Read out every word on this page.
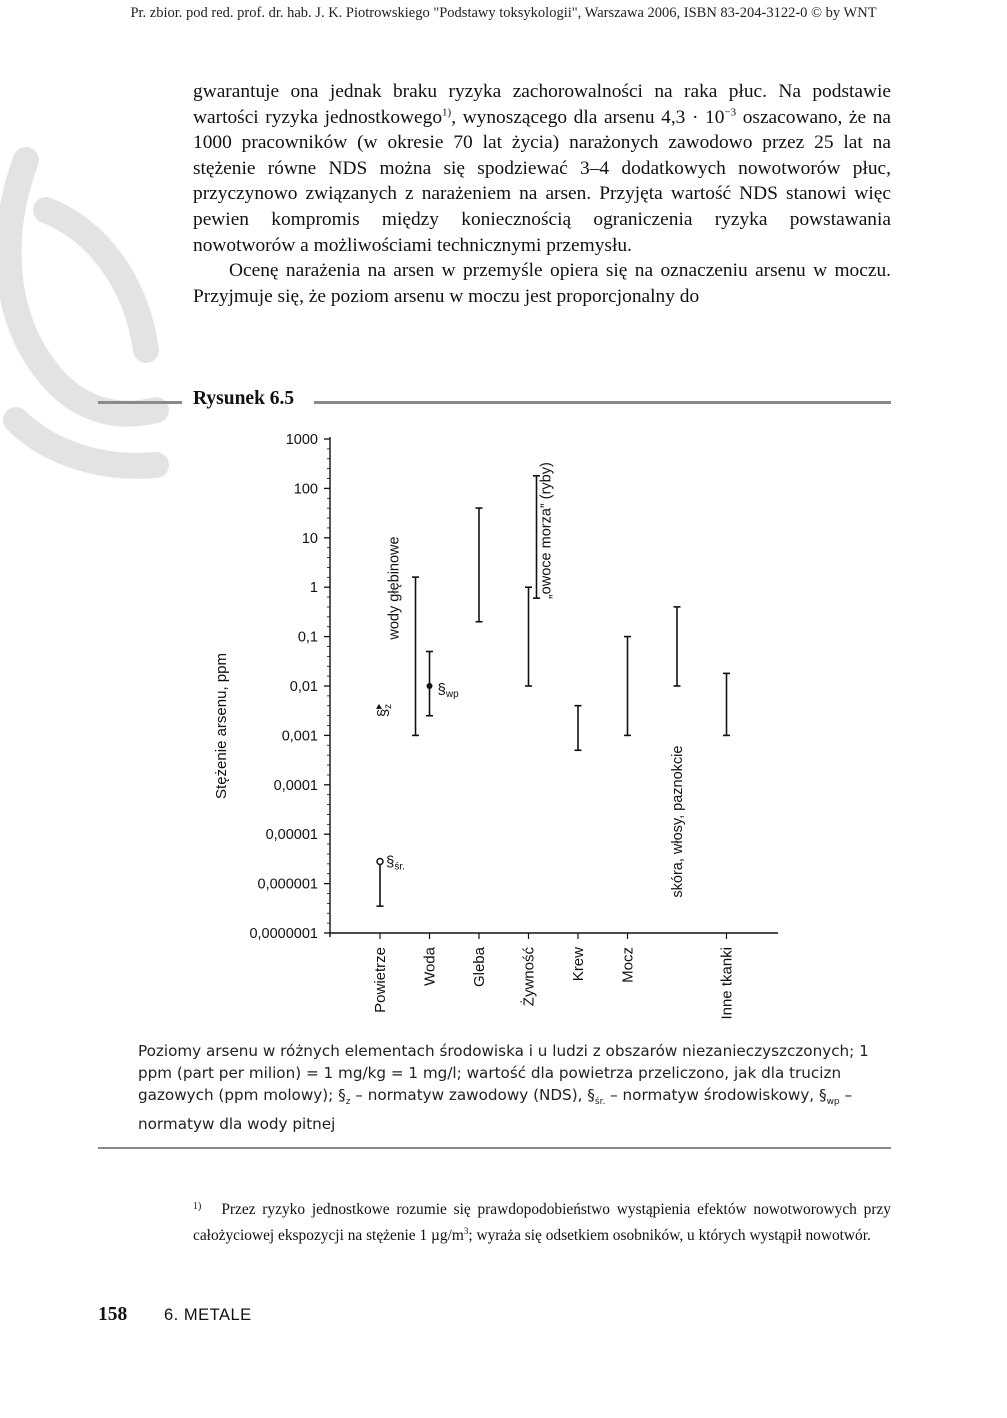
Pr. zbior. pod red. prof. dr. hab. J. K. Piotrowskiego "Podstawy toksykologii", Warszawa 2006, ISBN 83-204-3122-0 © by WNT

gwarantuje ona jednak braku ryzyka zachorowalności na raka płuc. Na podstawie wartości ryzyka jednostkowego$^{1)}$, wynoszącego dla arsenu $4,3 \cdot 10^{-3}$ oszacowano, że na 1000 pracowników (w okresie 70 lat życia) narażonych zawodowo przez 25 lat na stężenie równe NDS można się spodziewać 3–4 dodatkowych nowotworów płuc, przyczynowo związanych z narażeniem na arsen. Przyjęta wartość NDS stanowi więc pewien kompromis między koniecznością ograniczenia ryzyka powstawania nowotworów a możliwościami technicznymi przemysłu.

Ocenę narażenia na arsen w przemyśle opiera się na oznaczeniu arsenu w moczu. Przyjmuje się, że poziom arsenu w moczu jest proporcjonalny do

Rysunek 6.5
Stężenie arsenu, ppm
1000
100
10
1
0,1
0,01
0,001
0,0001
0,00001
0,000001
0,0000001
Powietrze Woda Gleba Żywność Krew Mocz	Inne tkanki
$\S_{śr.}$
$\S_{wp}$
$\S_z$
wody głębinowe	„owoce morza” (ryby)
skóra, włosy, paznokcie
Poziomy arsenu w różnych elementach środowiska i u ludzi z obszarów niezanieczyszczonych; 1 ppm (part per milion) = 1 mg/kg = 1 mg/l; wartość dla powietrza przeliczono, jak dla trucizn gazowych (ppm molowy); $\S_z$ – normatyw zawodowy (NDS), $\S_{śr.}$ – normatyw środowiskowy, $\S_{wp}$ – normatyw dla wody pitnej
$^{1)}$ Przez ryzyko jednostkowe rozumie się prawdopodobieństwo wystąpienia efektów nowotworowych przy całożyciowej ekspozycji na stężenie 1 $\mu g/m^3$; wyraża się odsetkiem osobników, u których wystąpił nowotwór.
158 6. METALE
